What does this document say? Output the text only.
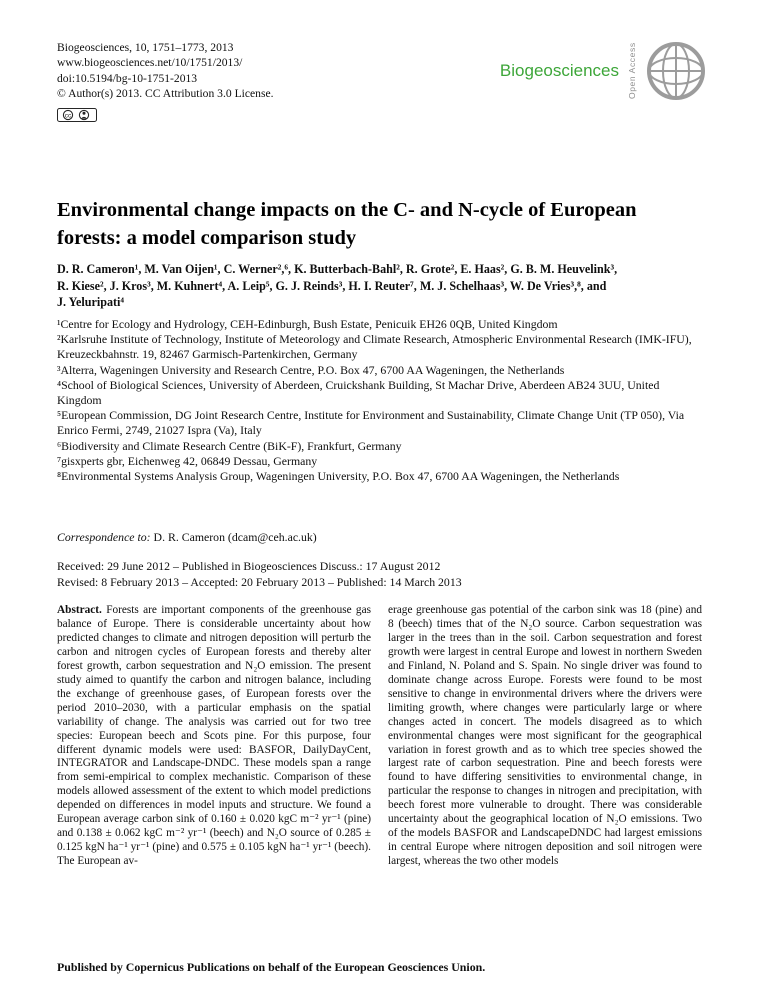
Biogeosciences, 10, 1751–1773, 2013
www.biogeosciences.net/10/1751/2013/
doi:10.5194/bg-10-1751-2013
© Author(s) 2013. CC Attribution 3.0 License.
cc
Biogeosciences Open Access
Environmental change impacts on the C- and N-cycle of European
forests: a model comparison study
D. R. Cameron¹, M. Van Oijen¹, C. Werner²,⁶, K. Butterbach-Bahl², R. Grote², E. Haas², G. B. M. Heuvelink³,
R. Kiese², J. Kros³, M. Kuhnert⁴, A. Leip⁵, G. J. Reinds³, H. I. Reuter⁷, M. J. Schelhaas³, W. De Vries³,⁸, and
J. Yeluripati⁴
¹Centre for Ecology and Hydrology, CEH-Edinburgh, Bush Estate, Penicuik EH26 0QB, United Kingdom
²Karlsruhe Institute of Technology, Institute of Meteorology and Climate Research, Atmospheric Environmental Research (IMK-IFU), Kreuzeckbahnstr. 19, 82467 Garmisch-Partenkirchen, Germany
³Alterra, Wageningen University and Research Centre, P.O. Box 47, 6700 AA Wageningen, the Netherlands
⁴School of Biological Sciences, University of Aberdeen, Cruickshank Building, St Machar Drive, Aberdeen AB24 3UU, United Kingdom
⁵European Commission, DG Joint Research Centre, Institute for Environment and Sustainability, Climate Change Unit (TP 050), Via Enrico Fermi, 2749, 21027 Ispra (Va), Italy
⁶Biodiversity and Climate Research Centre (BiK-F), Frankfurt, Germany
⁷gisxperts gbr, Eichenweg 42, 06849 Dessau, Germany
⁸Environmental Systems Analysis Group, Wageningen University, P.O. Box 47, 6700 AA Wageningen, the Netherlands
Correspondence to: D. R. Cameron (dcam@ceh.ac.uk)
Received: 29 June 2012 – Published in Biogeosciences Discuss.: 17 August 2012
Revised: 8 February 2013 – Accepted: 20 February 2013 – Published: 14 March 2013

Abstract. Forests are important components of the greenhouse gas balance of Europe. There is considerable uncertainty about how predicted changes to climate and nitrogen deposition will perturb the carbon and nitrogen cycles of European forests and thereby alter forest growth, carbon sequestration and N₂O emission. The present study aimed to quantify the carbon and nitrogen balance, including the exchange of greenhouse gases, of European forests over the period 2010–2030, with a particular emphasis on the spatial variability of change. The analysis was carried out for two tree species: European beech and Scots pine. For this purpose, four different dynamic models were used: BASFOR, DailyDayCent, INTEGRATOR and Landscape-DNDC. These models span a range from semi-empirical to complex mechanistic. Comparison of these models allowed assessment of the extent to which model predictions depended on differences in model inputs and structure. We found a European average carbon sink of 0.160 ± 0.020 kgC m⁻² yr⁻¹ (pine) and 0.138 ± 0.062 kgC m⁻² yr⁻¹ (beech) and N₂O source of 0.285 ± 0.125 kgN ha⁻¹ yr⁻¹ (pine) and 0.575 ± 0.105 kgN ha⁻¹ yr⁻¹ (beech). The European av-

erage greenhouse gas potential of the carbon sink was 18 (pine) and 8 (beech) times that of the N₂O source. Carbon sequestration was larger in the trees than in the soil. Carbon sequestration and forest growth were largest in central Europe and lowest in northern Sweden and Finland, N. Poland and S. Spain. No single driver was found to dominate change across Europe. Forests were found to be most sensitive to change in environmental drivers where the drivers were limiting growth, where changes were particularly large or where changes acted in concert. The models disagreed as to which environmental changes were most significant for the geographical variation in forest growth and as to which tree species showed the largest rate of carbon sequestration. Pine and beech forests were found to have differing sensitivities to environmental change, in particular the response to changes in nitrogen and precipitation, with beech forest more vulnerable to drought. There was considerable uncertainty about the geographical location of N₂O emissions. Two of the models BASFOR and LandscapeDNDC had largest emissions in central Europe where nitrogen deposition and soil nitrogen were largest, whereas the two other models

Published by Copernicus Publications on behalf of the European Geosciences Union.
